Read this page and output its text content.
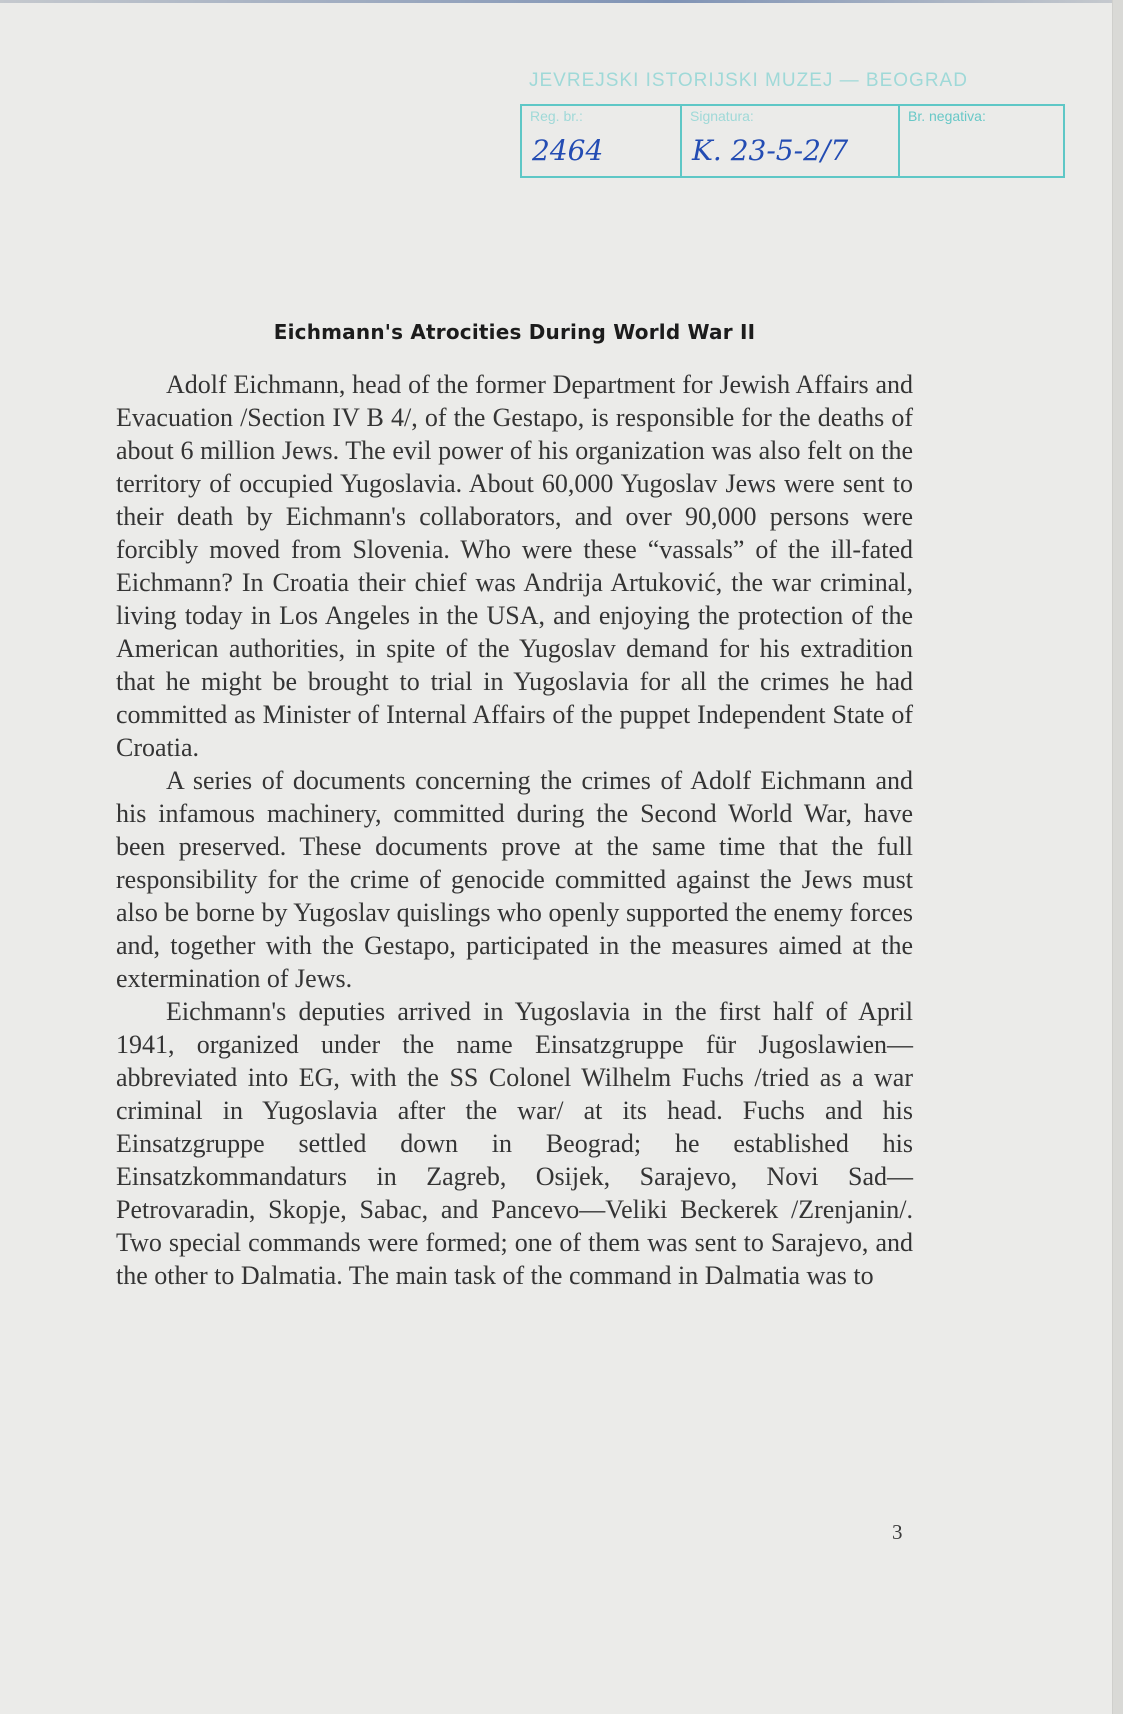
JEVREJSKI ISTORIJSKI MUZEJ — BEOGRAD
Reg. br.:
2464
Signatura:
K. 23-5-2/7
Br. negativa:
Eichmann's Atrocities During World War II

Adolf Eichmann, head of the former Department for Jewish Affairs and Evacuation /Section IV B 4/, of the Gestapo, is responsible for the deaths of about 6 million Jews. The evil power of his organization was also felt on the territory of occupied Yugoslavia. About 60,000 Yugoslav Jews were sent to their death by Eichmann's collaborators, and over 90,000 persons were forcibly moved from Slovenia. Who were these “vassals” of the ill-fated Eichmann? In Croatia their chief was Andrija Artuković, the war criminal, living today in Los Angeles in the USA, and enjoying the protection of the American authorities, in spite of the Yugoslav demand for his extradition that he might be brought to trial in Yugoslavia for all the crimes he had committed as Minister of Internal Affairs of the puppet Independent State of Croatia.

A series of documents concerning the crimes of Adolf Eichmann and his infamous machinery, committed during the Second World War, have been preserved. These documents prove at the same time that the full responsibility for the crime of genocide committed against the Jews must also be borne by Yugoslav quislings who openly supported the enemy forces and, together with the Gestapo, participated in the measures aimed at the extermination of Jews.

Eichmann's deputies arrived in Yugoslavia in the first half of April 1941, organized under the name Einsatzgruppe für Jugoslawien—abbreviated into EG, with the SS Colonel Wilhelm Fuchs /tried as a war criminal in Yugoslavia after the war/ at its head. Fuchs and his Einsatzgruppe settled down in Beograd; he established his Einsatzkommandaturs in Zagreb, Osijek, Sarajevo, Novi Sad—Petrovaradin, Skopje, Sabac, and Pancevo—Veliki Beckerek /Zrenjanin/. Two special commands were formed; one of them was sent to Sarajevo, and the other to Dalmatia. The main task of the command in Dalmatia was to

3
